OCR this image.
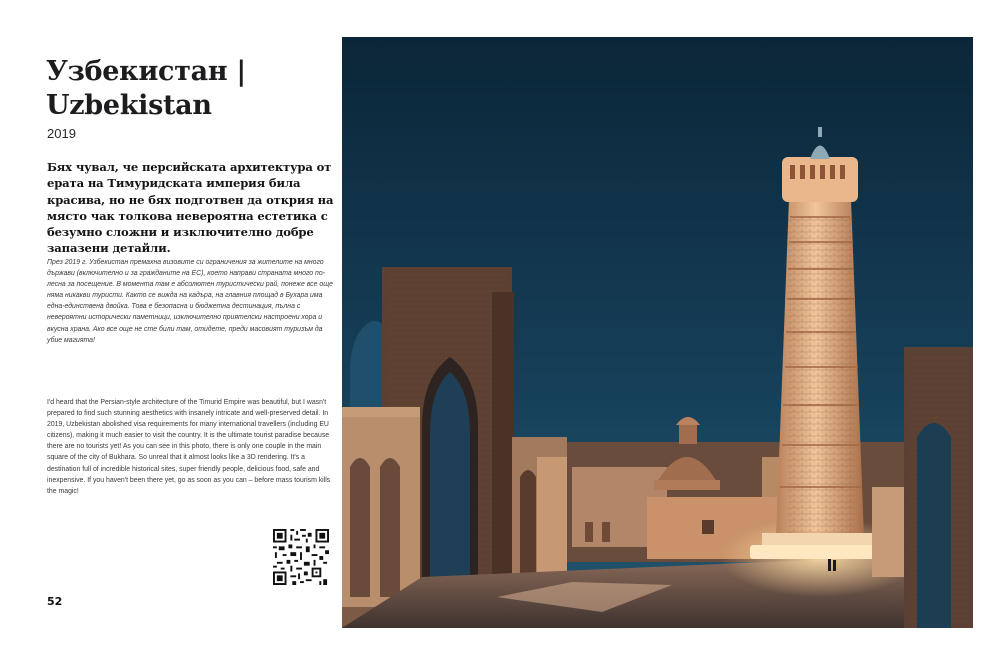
Узбекистан | Uzbekistan
2019

Бях чувал, че персийската архитектура от ерата на Тимуридската империя била красива, но не бях подготвен да открия на място чак толкова невероятна естетика с безумно сложни и изключително добре запазени детайли.

През 2019 г. Узбекистан премахна визовите си ограничения за жителите на много държави (включително и за гражданите на ЕС), което направи страната много по-лесна за посещение. В момента там е абсолютен туристически рай, понеже все още няма никакви туристи. Както се вижда на кадъра, на главния площад в Бухара има една-единствена двойка. Това е безопасна и бюджетна дестинация, пълна с невероятни исторически паметници, изключително приятелски настроени хора и вкусна храна. Ако все още не сте били там, отидете, преди масовият туризъм да убие магията!

I'd heard that the Persian-style architecture of the Timurid Empire was beautiful, but I wasn't prepared to find such stunning aesthetics with insanely intricate and well-preserved detail. In 2019, Uzbekistan abolished visa requirements for many international travellers (including EU citizens), making it much easier to visit the country. It is the ultimate tourist paradise because there are no tourists yet! As you can see in this photo, there is only one couple in the main square of the city of Bukhara. So unreal that it almost looks like a 3D rendering. It's a destination full of incredible historical sites, super friendly people, delicious food, safe and inexpensive. If you haven't been there yet, go as soon as you can – before mass tourism kills the magic!

52
